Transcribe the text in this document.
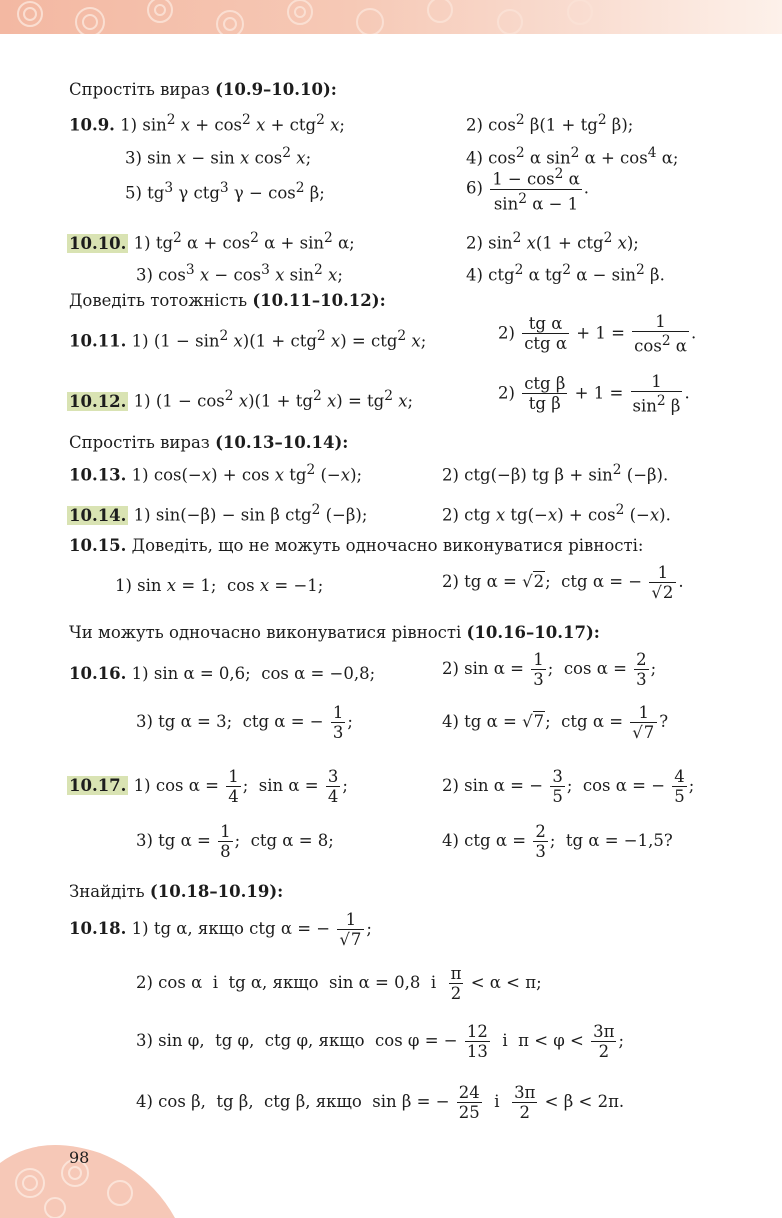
Спростіть вираз (10.9–10.10):
10.9. 1) $\sin^2 x + \cos^2 x + ctg^2$ x;	2) $\cos^2 \beta(1 + tg^2$ β);
3) sin x − sin x $\cos^2 x$;	4) $\cos^2 \alpha$ $\sin^2 \alpha + \cos^4 \alpha$;
5) $tg^3$ γ ctg$^3$ $\gamma - \cos^2 \beta$;	$6) \frac{1 - \cos^2 \alpha}{\sin^2 \alpha - 1}$ .
10.10. 1) $tg^2$ $\alpha + \cos^2 \alpha + \sin^2 \alpha$;	2) $\sin^2 x(1 + ctg^2$ x);
3) $\cos^3 x - \cos^3 x$ $\sin^2 x$;	4) ctg$^2$ α $tg^2$ $\alpha - \sin^2 \beta$.
Доведіть тотожність (10.11–10.12):
10.11. 1) $(1 - \sin^2 x)(1 + ctg^2$ x) = ctg$^2$ x;	$2) \frac{\text{tg α}}{\text{ctg α}} + 1 = \frac{1}{\cos^2 \alpha}$ .
10.12. 1) $(1 - \cos^2 x)(1 + tg^2$ $x) = tg^2$ x;	$2) \frac{\text{ctg β}}{\text{tg β}} + 1 = \frac{1}{\sin^2 \beta}$ .
Спростіть вираз (10.13–10.14):
10.13. 1) cos(−x) + cos x $tg^2$ (−x);	2) ctg(−β) tg $\beta + \sin^2 (-\beta)$.
10.14. 1) sin(−β) − sin β ctg$^2$ (−β);	2) ctg x $tg(-x) + \cos^2 (-x)$.
10.15. Доведіть, що не можуть одночасно виконуватися рівності:
1) sin x = 1;  cos x = −1;	2) tg α = √2;  ctg α = − $\frac{1}{√2}$ .
Чи можуть одночасно виконуватися рівності (10.16–10.17):
10.16. 1) sin α = 0,6;  cos α = −0,8;	2) $\sin \alpha = \frac{1}{3}$ ;  $\cos \alpha = \frac{2}{3}$ ;
3) tg α = 3;  ctg α = − $\frac{1}{3}$ ;	4) tg α = √7;  ctg $\alpha = \frac{1}{√7}$ ?
10.17. 1) $\cos \alpha = \frac{1}{4}$ ;  $\sin \alpha = \frac{3}{4}$ ;	2) sin α = − $\frac{3}{5}$ ;  cos α = − $\frac{4}{5}$ ;
3) tg $\alpha = \frac{1}{8}$ ;  ctg α = 8;	4) ctg $\alpha = \frac{2}{3}$ ;  tg α = −1,5?
Знайдіть (10.18–10.19):
10.18. 1) tg α, якщо ctg α = − $\frac{1}{√7}$ ;
2) cos α  і  tg α, якщо  sin α = 0,8  і $\frac{\pi}{2} < \alpha < \pi$;
3) sin φ,  tg φ,  ctg φ, якщо  cos φ = − $\frac{12}{13}$ і  $\pi < \varphi < \frac{3\pi}{2}$ ;
4) cos β,  tg β,  ctg β, якщо  sin β = − $\frac{24}{25}$ і $\frac{3\pi}{2} < \beta < 2\pi$.
98
